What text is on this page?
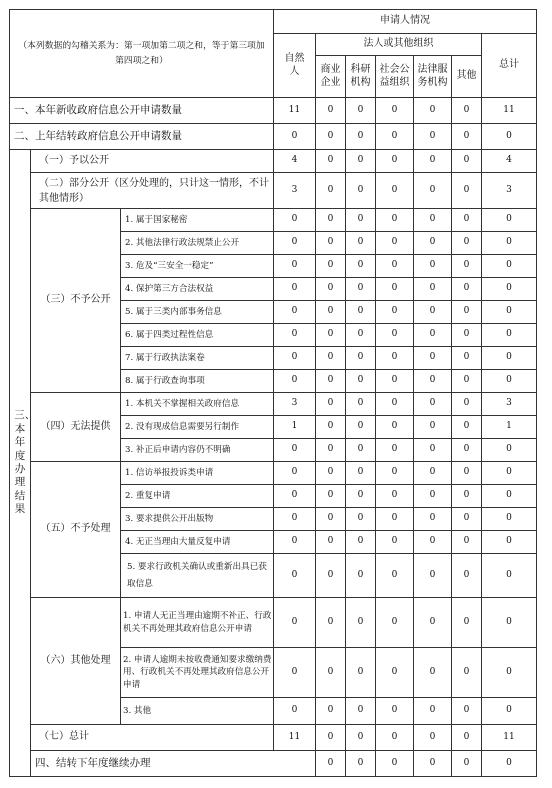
（本列数据的勾稽关系为：第一项加第二项之和，等于第三项加第四项之和）			申请人情况							
			自然人	法人或其他组织					总计	
				商业企业	科研机构	社会公益组织	法律服务机构	其他		
一、本年新收政府信息公开申请数量			11	0	0	0	0	0	11	
二、上年结转政府信息公开申请数量			0	0	0	0	0	0	0	
三、本年度办理结果	（一）予以公开		4	0	0	0	0	0	4	
	（二）部分公开（区分处理的，只计这一情形，不计其他情形）		3	0	0	0	0	0	3	
	（三）不予公开	1. 属于国家秘密	0	0	0	0	0	0	0	
		2. 其他法律行政法规禁止公开	0	0	0	0	0	0	0	
		3. 危及“三安全一稳定”	0	0	0	0	0	0	0	
		4. 保护第三方合法权益	0	0	0	0	0	0	0	
		5. 属于三类内部事务信息	0	0	0	0	0	0	0	
		6. 属于四类过程性信息	0	0	0	0	0	0	0	
		7. 属于行政执法案卷	0	0	0	0	0	0	0	
		8. 属于行政查询事项	0	0	0	0	0	0	0	
	（四）无法提供	1. 本机关不掌握相关政府信息	3	0	0	0	0	0	3	
		2. 没有现成信息需要另行制作	1	0	0	0	0	0	1	
		3. 补正后申请内容仍不明确	0	0	0	0	0	0	0	
	（五）不予处理	1. 信访举报投诉类申请	0	0	0	0	0	0	0	
		2. 重复申请	0	0	0	0	0	0	0	
		3. 要求提供公开出版物	0	0	0	0	0	0	0	
		4. 无正当理由大量反复申请	0	0	0	0	0	0	0	
		5. 要求行政机关确认或重新出具已获取信息	0	0	0	0	0	0	0	
	（六）其他处理	1. 申请人无正当理由逾期不补正、行政机关不再处理其政府信息公开申请	0	0	0	0	0	0	0	
		2. 申请人逾期未按收费通知要求缴纳费用、行政机关不再处理其政府信息公开申请	0	0	0	0	0	0	0	
		3. 其他	0	0	0	0	0	0	0	
	（七）总计		11	0	0	0	0	0	11	
	四、结转下年度继续办理			0	0	0	0	0	0	
